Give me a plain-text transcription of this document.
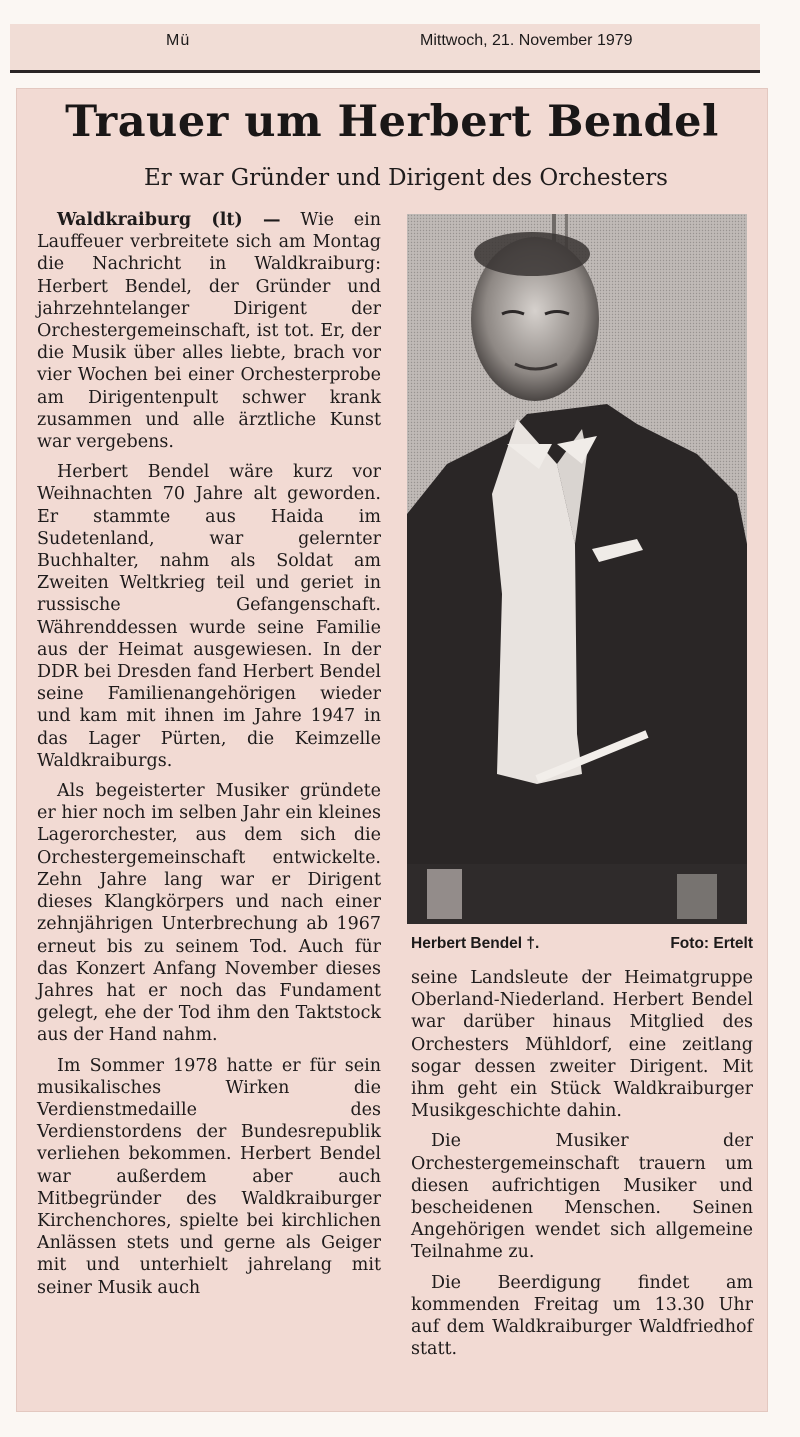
Mü	Mittwoch, 21. November 1979
Trauer um Herbert Bendel
Er war Gründer und Dirigent des Orchesters

Waldkraiburg (lt) — Wie ein Lauffeuer verbreitete sich am Montag die Nachricht in Waldkraiburg: Herbert Bendel, der Gründer und jahrzehntelanger Dirigent der Orchestergemeinschaft, ist tot. Er, der die Musik über alles liebte, brach vor vier Wochen bei einer Orchesterprobe am Dirigentenpult schwer krank zusammen und alle ärztliche Kunst war vergebens.

Herbert Bendel wäre kurz vor Weihnachten 70 Jahre alt geworden. Er stammte aus Haida im Sudetenland, war gelernter Buchhalter, nahm als Soldat am Zweiten Weltkrieg teil und geriet in russische Gefangenschaft. Währenddessen wurde seine Familie aus der Heimat ausgewiesen. In der DDR bei Dresden fand Herbert Bendel seine Familienangehörigen wieder und kam mit ihnen im Jahre 1947 in das Lager Pürten, die Keimzelle Waldkraiburgs.

Als begeisterter Musiker gründete er hier noch im selben Jahr ein kleines Lagerorchester, aus dem sich die Orchestergemeinschaft entwickelte. Zehn Jahre lang war er Dirigent dieses Klangkörpers und nach einer zehnjährigen Unterbrechung ab 1967 erneut bis zu seinem Tod. Auch für das Konzert Anfang November dieses Jahres hat er noch das Fundament gelegt, ehe der Tod ihm den Taktstock aus der Hand nahm.

Im Sommer 1978 hatte er für sein musikalisches Wirken die Verdienstmedaille des Verdienstordens der Bundesrepublik verliehen bekommen. Herbert Bendel war außerdem aber auch Mitbegründer des Waldkraiburger Kirchenchores, spielte bei kirchlichen Anlässen stets und gerne als Geiger mit und unterhielt jahrelang mit seiner Musik auch

Herbert Bendel †.	Foto: Ertelt

seine Landsleute der Heimatgruppe Oberland-Niederland. Herbert Bendel war darüber hinaus Mitglied des Orchesters Mühldorf, eine zeitlang sogar dessen zweiter Dirigent. Mit ihm geht ein Stück Waldkraiburger Musikgeschichte dahin.

Die Musiker der Orchestergemeinschaft trauern um diesen aufrichtigen Musiker und bescheidenen Menschen. Seinen Angehörigen wendet sich allgemeine Teilnahme zu.

Die Beerdigung findet am kommenden Freitag um 13.30 Uhr auf dem Waldkraiburger Waldfriedhof statt.
